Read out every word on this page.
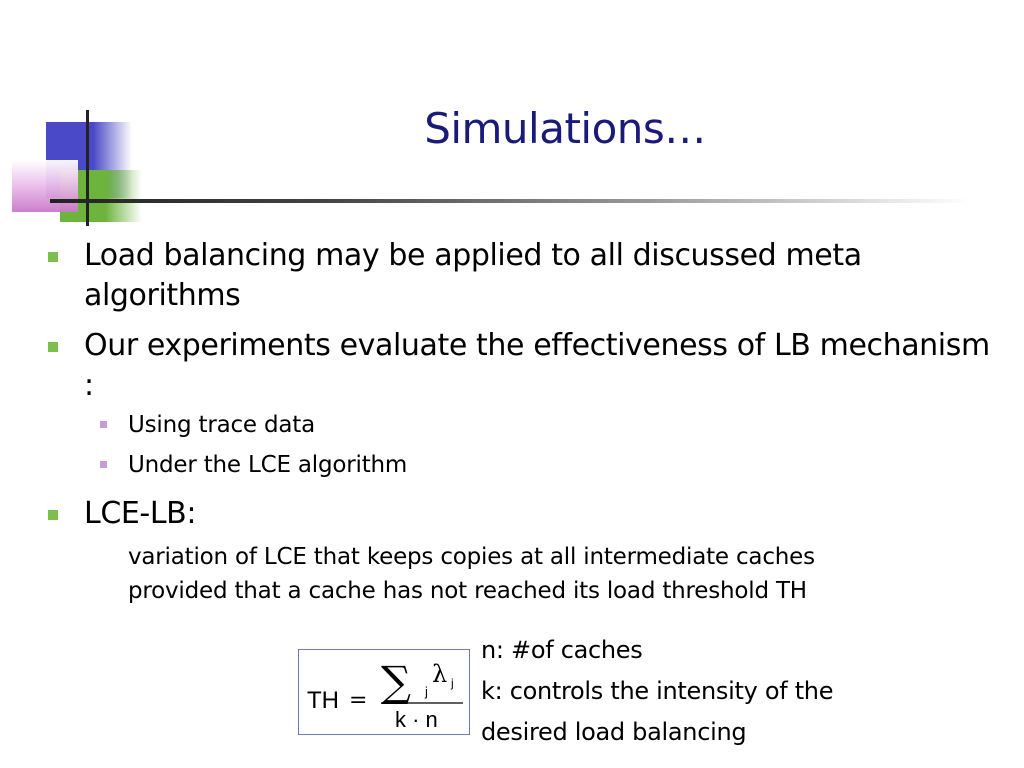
Simulations…
Load balancing may be applied to all discussed meta algorithms
Our experiments evaluate the effectiveness of LB mechanism :
Using trace data
Under the LCE algorithm
LCE-LB:
variation of LCE that keeps copies at all intermediate caches
provided that a cache has not reached its load threshold TH
TH = ∑ j
λ j
k · n
n: #of caches
k: controls the intensity of the
desired load balancing
